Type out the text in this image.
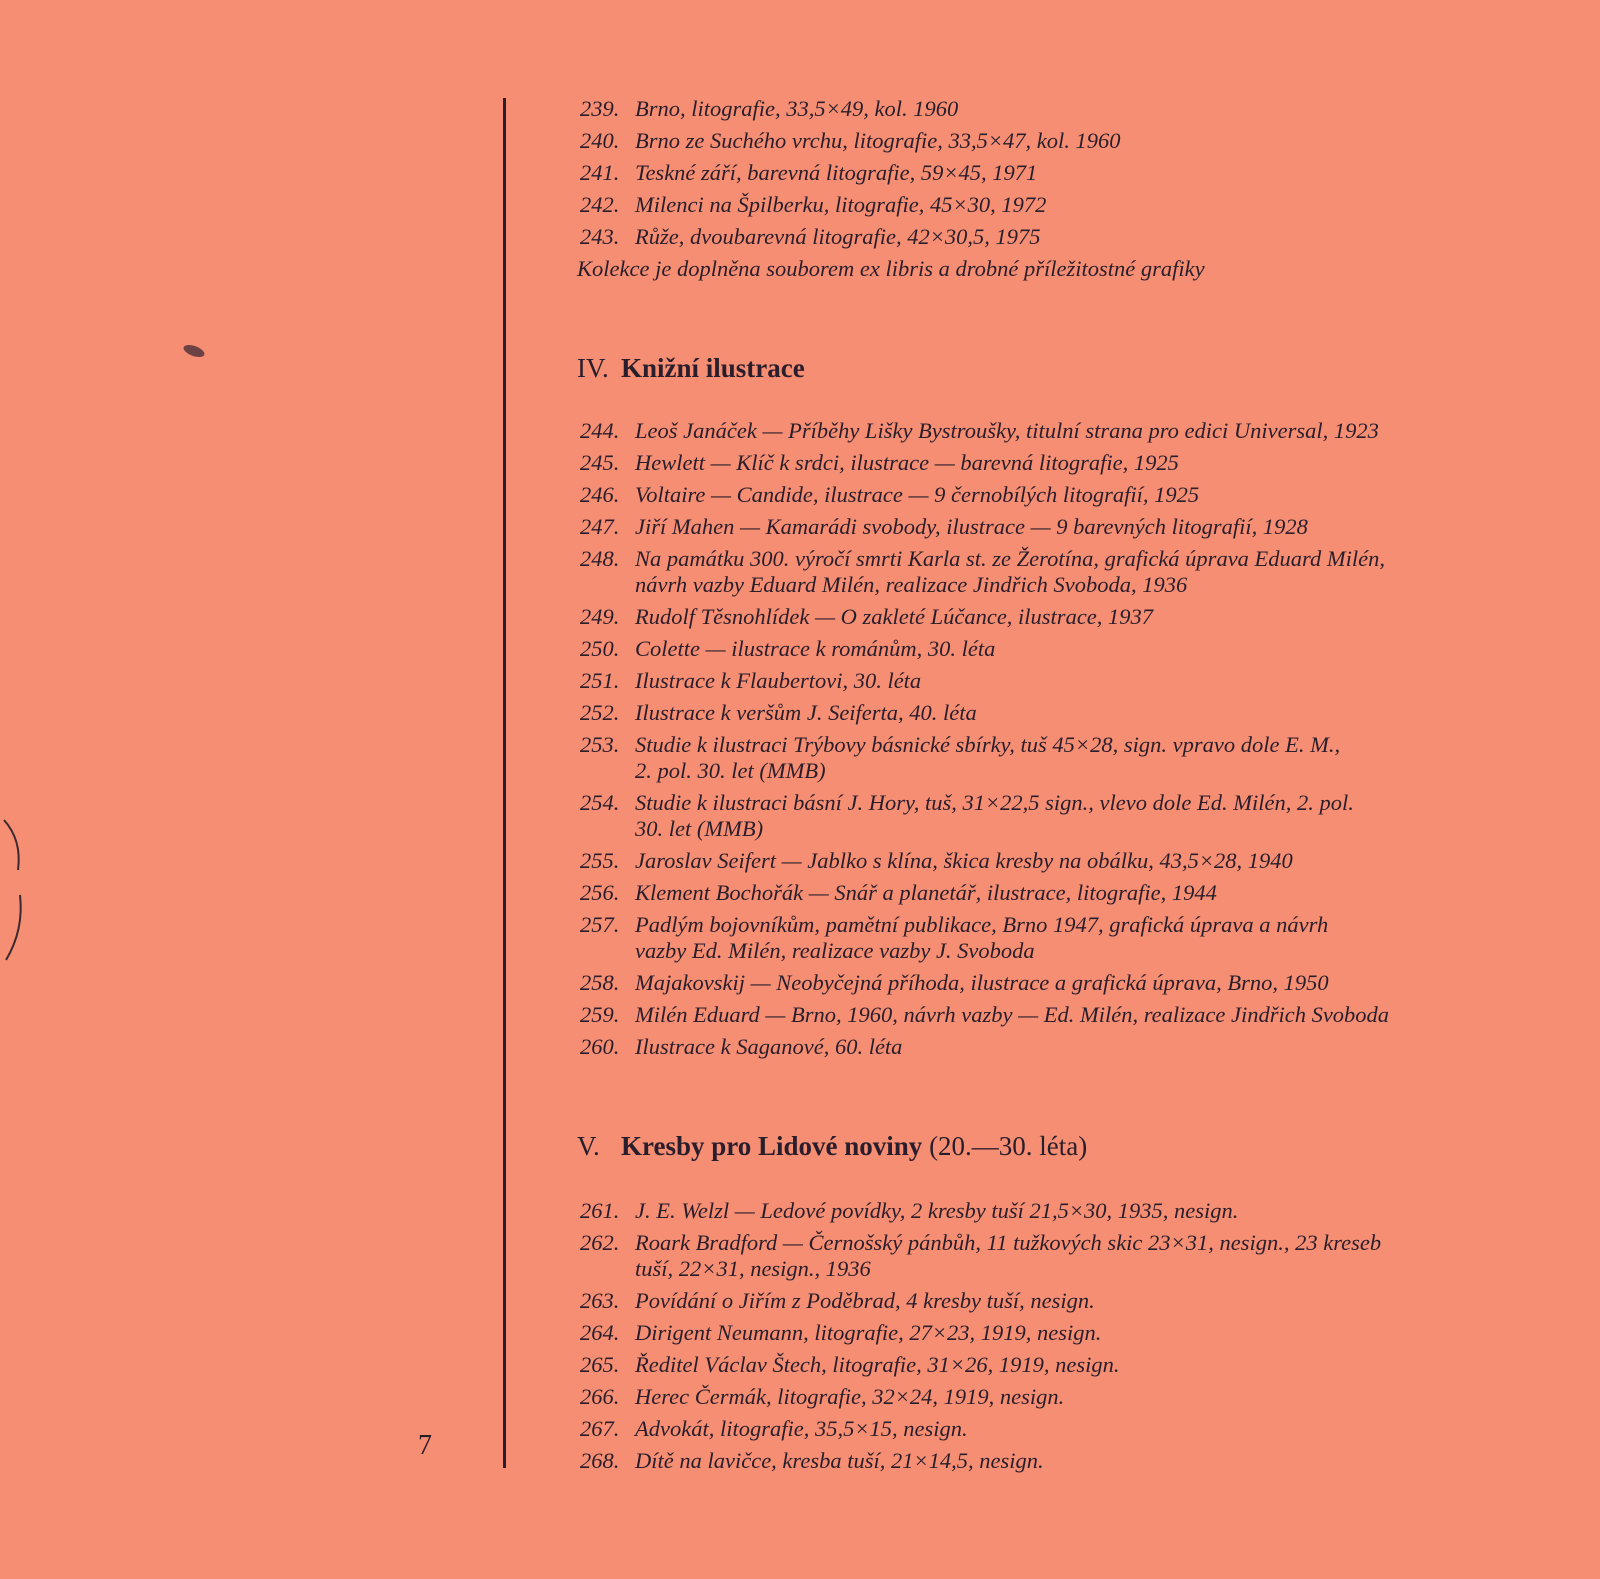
7
239. Brno, litografie, 33,5×49, kol. 1960
240. Brno ze Suchého vrchu, litografie, 33,5×47, kol. 1960
241. Teskné září, barevná litografie, 59×45, 1971
242. Milenci na Špilberku, litografie, 45×30, 1972
243. Růže, dvoubarevná litografie, 42×30,5, 1975
Kolekce je doplněna souborem ex libris a drobné příležitostné grafiky
IV. Knižní ilustrace
244. Leoš Janáček — Příběhy Lišky Bystroušky, titulní strana pro edici Universal, 1923
245. Hewlett — Klíč k srdci, ilustrace — barevná litografie, 1925
246. Voltaire — Candide, ilustrace — 9 černobílých litografií, 1925
247. Jiří Mahen — Kamarádi svobody, ilustrace — 9 barevných litografií, 1928
248. Na památku 300. výročí smrti Karla st. ze Žerotína, grafická úprava Eduard Milén,
návrh vazby Eduard Milén, realizace Jindřich Svoboda, 1936
249. Rudolf Těsnohlídek — O zakleté Lúčance, ilustrace, 1937
250. Colette — ilustrace k románům, 30. léta
251. Ilustrace k Flaubertovi, 30. léta
252. Ilustrace k veršům J. Seiferta, 40. léta
253. Studie k ilustraci Trýbovy básnické sbírky, tuš 45×28, sign. vpravo dole E. M.,
2. pol. 30. let (MMB)
254. Studie k ilustraci básní J. Hory, tuš, 31×22,5 sign., vlevo dole Ed. Milén, 2. pol.
30. let (MMB)
255. Jaroslav Seifert — Jablko s klína, škica kresby na obálku, 43,5×28, 1940
256. Klement Bochořák — Snář a planetář, ilustrace, litografie, 1944
257. Padlým bojovníkům, pamětní publikace, Brno 1947, grafická úprava a návrh
vazby Ed. Milén, realizace vazby J. Svoboda
258. Majakovskij — Neobyčejná příhoda, ilustrace a grafická úprava, Brno, 1950
259. Milén Eduard — Brno, 1960, návrh vazby — Ed. Milén, realizace Jindřich Svoboda
260. Ilustrace k Saganové, 60. léta
V. Kresby pro Lidové noviny (20.—30. léta)
261. J. E. Welzl — Ledové povídky, 2 kresby tuší 21,5×30, 1935, nesign.
262. Roark Bradford — Černošský pánbůh, 11 tužkových skic 23×31, nesign., 23 kreseb
tuší, 22×31, nesign., 1936
263. Povídání o Jiřím z Poděbrad, 4 kresby tuší, nesign.
264. Dirigent Neumann, litografie, 27×23, 1919, nesign.
265. Ředitel Václav Štech, litografie, 31×26, 1919, nesign.
266. Herec Čermák, litografie, 32×24, 1919, nesign.
267. Advokát, litografie, 35,5×15, nesign.
268. Dítě na lavičce, kresba tuší, 21×14,5, nesign.
